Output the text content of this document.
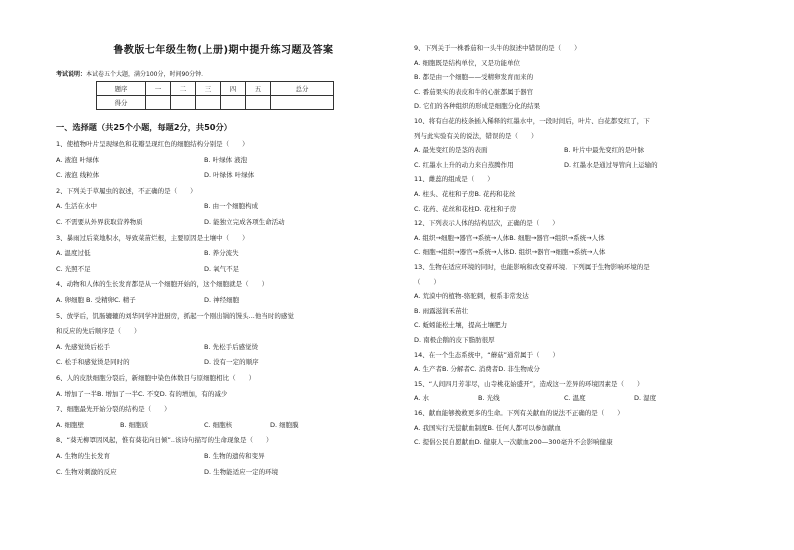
鲁教版七年级生物(上册)期中提升练习题及答案
考试说明：本试卷五个大题，满分100分，时间90分钟．
题序	一	二	三	四	五	总分
得分						
一、选择题（共25个小题，每题2分，共50分）
1、使植物叶片呈现绿色和花瓣呈现红色的细胞结构分别是（　　）
A. 液泡 叶绿体	B. 叶绿体 液泡
C. 液泡 线粒体	D. 叶绿体 叶绿体
2、下列关于草履虫的叙述，不正确的是（　　）
A. 生活在水中	B. 由一个细胞构成
C. 不需要从外界获取营养物质	D. 能独立完成各项生命活动
3、暴雨过后菜地积水，导致菜苗烂根，主要原因是土壤中（　　）
A. 温度过低	B. 养分流失
C. 光照不足	D. 氧气不足
4、动物和人体的生长发育都是从一个细胞开始的，这个细胞就是（　　）
A. 卵细胞 B. 受精卵C. 精子	D. 神经细胞
5、放学后，饥肠辘辘的刘华同学冲进厨房，抓起一个刚出锅的馒头...他当时的感觉
和反应的先后顺序是（　　）
A. 先感觉烫后松手	B. 先松手后感觉烫
C. 松手和感觉烫是同时的	D. 没有一定的顺序
6、人的皮肤细胞分裂后，新细胞中染色体数目与原细胞相比（　　）
A. 增加了一半B. 增加了一半C. 不变D. 有的增加，有的减少
7、细胞最先开始分裂的结构是（　　）
A. 细胞壁	B. 细胞质	C. 细胞核	D. 细胞膜
8、“葵无柳罩因风起，惟有葵花向日倾”..该诗句描写的生命现象是（　　）
A. 生物的生长发育	B. 生物的遗传和变异
C. 生物对刺激的反应	D. 生物能适应一定的环境
9、下列关于一株番茄和一头牛的叙述中错误的是（　　）
A. 细胞既是结构单位，又是功能单位
B. 都是由一个细胞——受精卵发育而来的
C. 番茄果实的表皮和牛的心脏都属于器官
D. 它们的各种组织的形成是细胞分化的结果
10、将有白花的枝条插入稀释的红墨水中，一段时间后，叶片、白花都变红了，下
列与此实验有关的说法，错误的是（　　）
A. 最先变红的是茎的表面	B. 叶片中最先变红的是叶脉
C. 红墨水上升的动力来自蒸腾作用	D. 红墨水是通过导管向上运输的
11、雌蕊的组成是（　　）
A. 柱头、花柱和子房B. 花药和花丝
C. 花药、花丝和花柱D. 花柱和子房
12、下列表示人体的结构层次，正确的是（　　）
A. 组织→细胞→器官→系统→人体B. 细胞→器官→组织→系统→人体
C. 细胞→组织→器官→系统→人体D. 组织→器官→细胞→系统→人体
13、生物在适应环境的同时，也能影响和改变着环境．下列属于生物影响环境的是
（　　）
A. 荒漠中的植物-骆驼刺，根系非常发达
B. 雨露滋润禾苗壮
C. 蚯蚓能松土壤，提高土壤肥力
D. 南极企鹅的皮下脂肪很厚
14、在一个生态系统中，“蘑菇”通常属于（　　）
A. 生产者B. 分解者C. 消费者D. 非生物成分
15、“人间四月芳菲尽，山寺桃花始盛开”，造成这一差异的环境因素是（　　）
A. 水	B. 光线	C. 温度	D. 湿度
16、献血能够挽救更多的生命。下列有关献血的说法不正确的是（　　）
A. 我国实行无偿献血制度B. 任何人都可以参加献血
C. 提倡公民自愿献血D. 健康人一次献血200—300毫升不会影响健康
